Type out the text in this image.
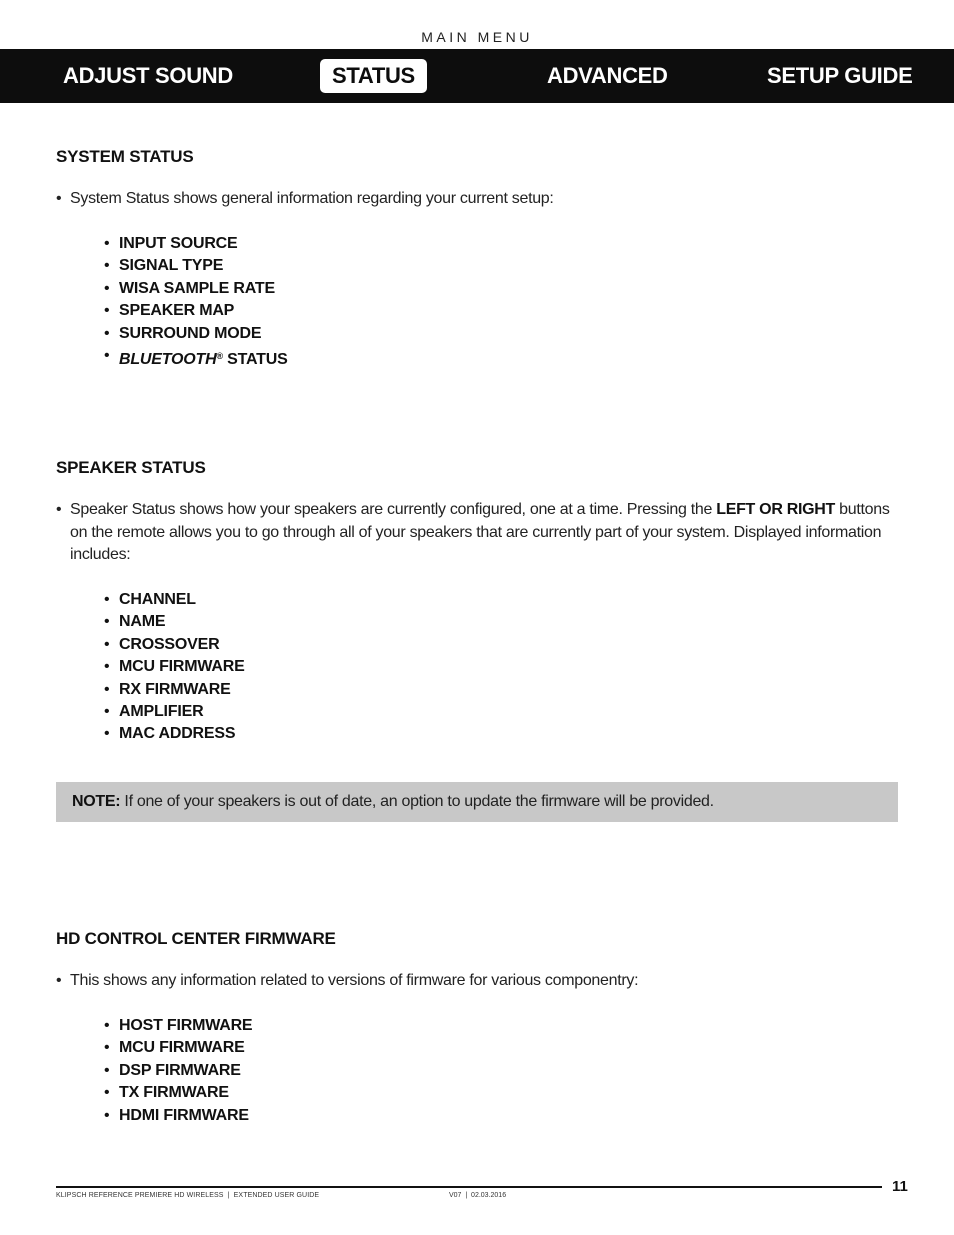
MAIN MENU
ADJUST SOUND	STATUS	ADVANCED	SETUP GUIDE
SYSTEM STATUS
• System Status shows general information regarding your current setup:
• INPUT SOURCE
• SIGNAL TYPE
• WISA SAMPLE RATE
• SPEAKER MAP
• SURROUND MODE
• BLUETOOTH® STATUS
SPEAKER STATUS
• Speaker Status shows how your speakers are currently configured, one at a time. Pressing the LEFT OR RIGHT buttons on the remote allows you to go through all of your speakers that are currently part of your system. Displayed information includes:
• CHANNEL
• NAME
• CROSSOVER
• MCU FIRMWARE
• RX FIRMWARE
• AMPLIFIER
• MAC ADDRESS
NOTE: If one of your speakers is out of date, an option to update the firmware will be provided.
HD CONTROL CENTER FIRMWARE
• This shows any information related to versions of firmware for various componentry:
• HOST FIRMWARE
• MCU FIRMWARE
• DSP FIRMWARE
• TX FIRMWARE
• HDMI FIRMWARE
11
KLIPSCH REFERENCE PREMIERE HD WIRELESS  |  EXTENDED USER GUIDE	V07  |  02.03.2016
